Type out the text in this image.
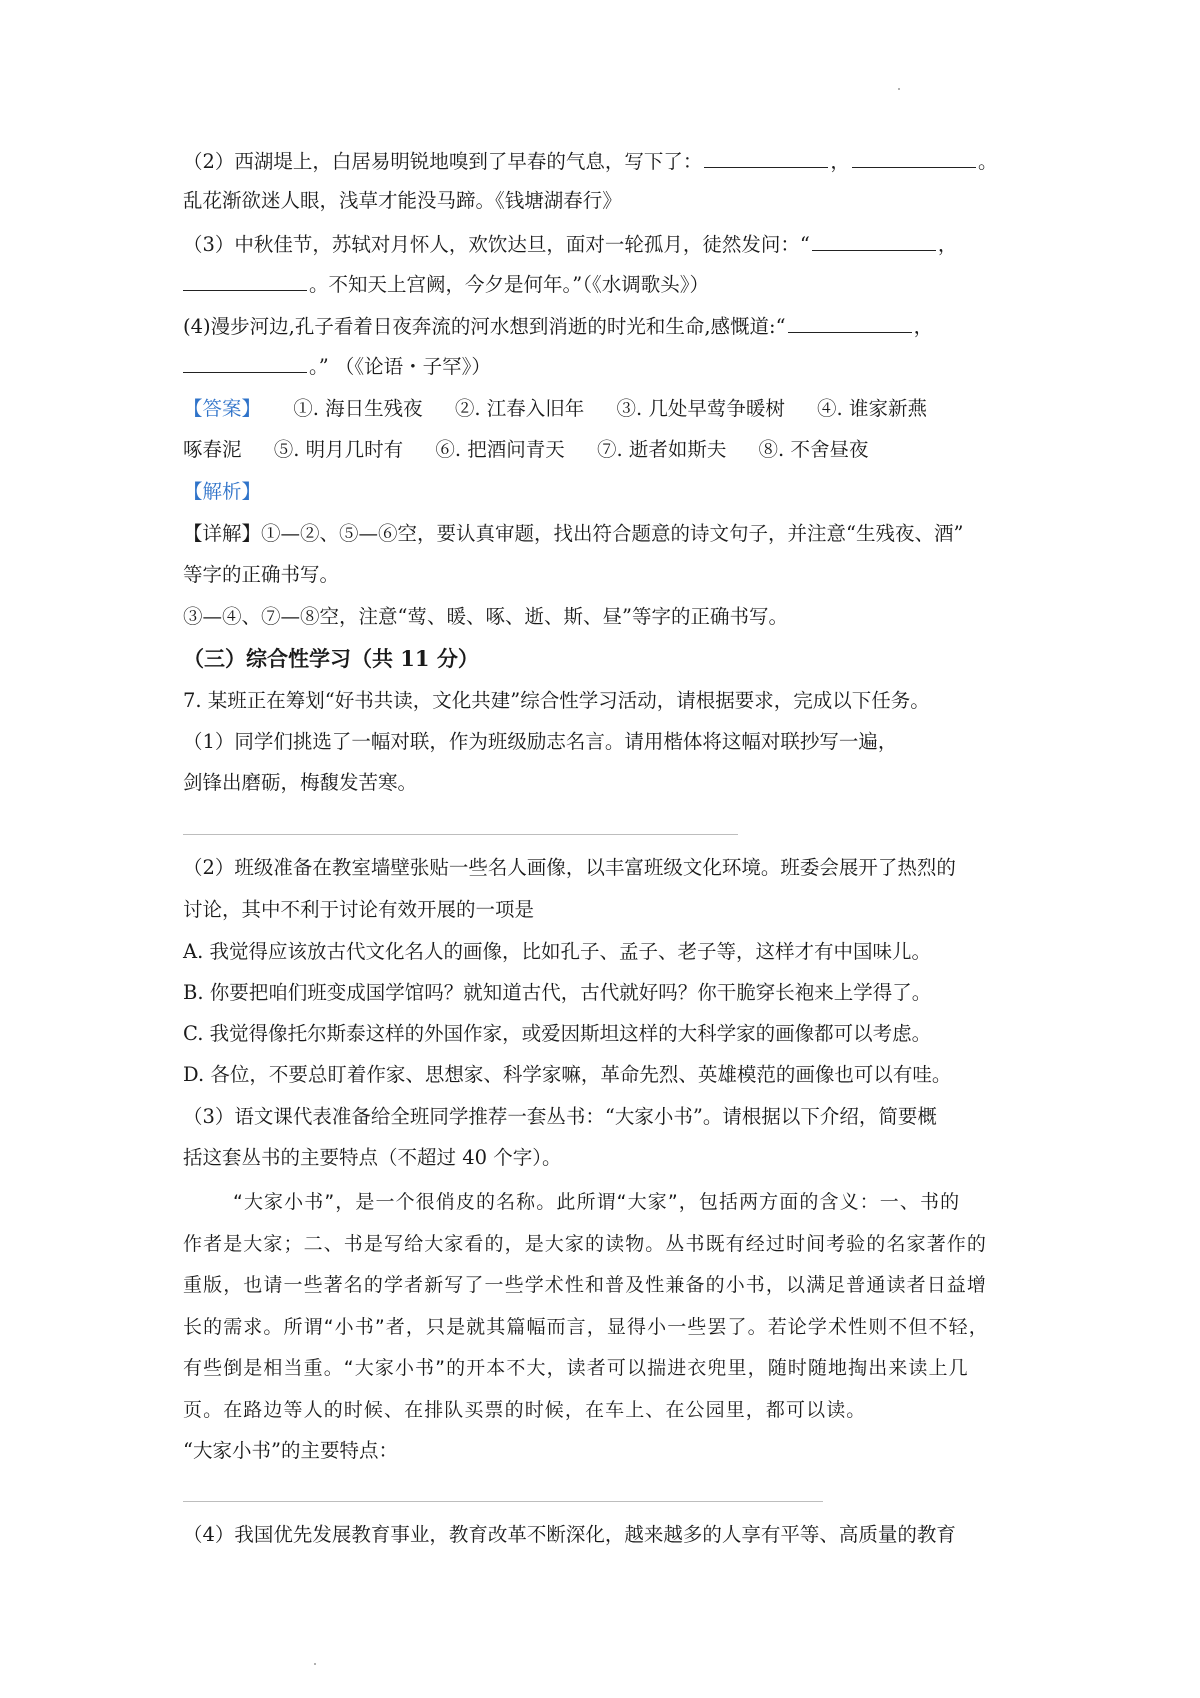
（2）西湖堤上，白居易明锐地嗅到了早春的气息，写下了：	，	。
乱花渐欲迷人眼，浅草才能没马蹄。《钱塘湖春行》
（3）中秋佳节，苏轼对月怀人，欢饮达旦，面对一轮孤月，徒然发问：“	，
。不知天上宫阙，今夕是何年。”（《水调歌头》）
(4)漫步河边,孔子看着日夜奔流的河水想到消逝的时光和生命,感慨道:“	，
。” （《论语・子罕》）
【答案】 ①. 海日生残夜 ②. 江春入旧年 ③. 几处早莺争暖树 ④. 谁家新燕
啄春泥 ⑤. 明月几时有 ⑥. 把酒问青天 ⑦. 逝者如斯夫 ⑧. 不舍昼夜
【解析】
【详解】①—②、⑤—⑥空，要认真审题，找出符合题意的诗文句子，并注意“生残夜、酒”
等字的正确书写。
③—④、⑦—⑧空，注意“莺、暖、啄、逝、斯、昼”等字的正确书写。
（三）综合性学习（共 11 分）
7. 某班正在筹划“好书共读，文化共建”综合性学习活动，请根据要求，完成以下任务。
（1）同学们挑选了一幅对联，作为班级励志名言。请用楷体将这幅对联抄写一遍，
剑锋出磨砺，梅馥发苦寒。
（2）班级准备在教室墙壁张贴一些名人画像，以丰富班级文化环境。班委会展开了热烈的
讨论，其中不利于讨论有效开展的一项是
A. 我觉得应该放古代文化名人的画像，比如孔子、孟子、老子等，这样才有中国味儿。
B. 你要把咱们班变成国学馆吗？就知道古代，古代就好吗？你干脆穿长袍来上学得了。
C. 我觉得像托尔斯泰这样的外国作家，或爱因斯坦这样的大科学家的画像都可以考虑。
D. 各位，不要总盯着作家、思想家、科学家嘛，革命先烈、英雄模范的画像也可以有哇。
（3）语文课代表准备给全班同学推荐一套丛书：“大家小书”。请根据以下介绍，简要概
括这套丛书的主要特点（不超过 40 个字）。
“大家小书”，是一个很俏皮的名称。此所谓“大家”，包括两方面的含义：一、书的
作者是大家；二、书是写给大家看的，是大家的读物。丛书既有经过时间考验的名家著作的
重版，也请一些著名的学者新写了一些学术性和普及性兼备的小书，以满足普通读者日益增
长的需求。所谓“小书”者，只是就其篇幅而言，显得小一些罢了。若论学术性则不但不轻，
有些倒是相当重。“大家小书”的开本不大，读者可以揣进衣兜里，随时随地掏出来读上几
页。在路边等人的时候、在排队买票的时候，在车上、在公园里，都可以读。
“大家小书”的主要特点：
（4）我国优先发展教育事业，教育改革不断深化，越来越多的人享有平等、高质量的教育
